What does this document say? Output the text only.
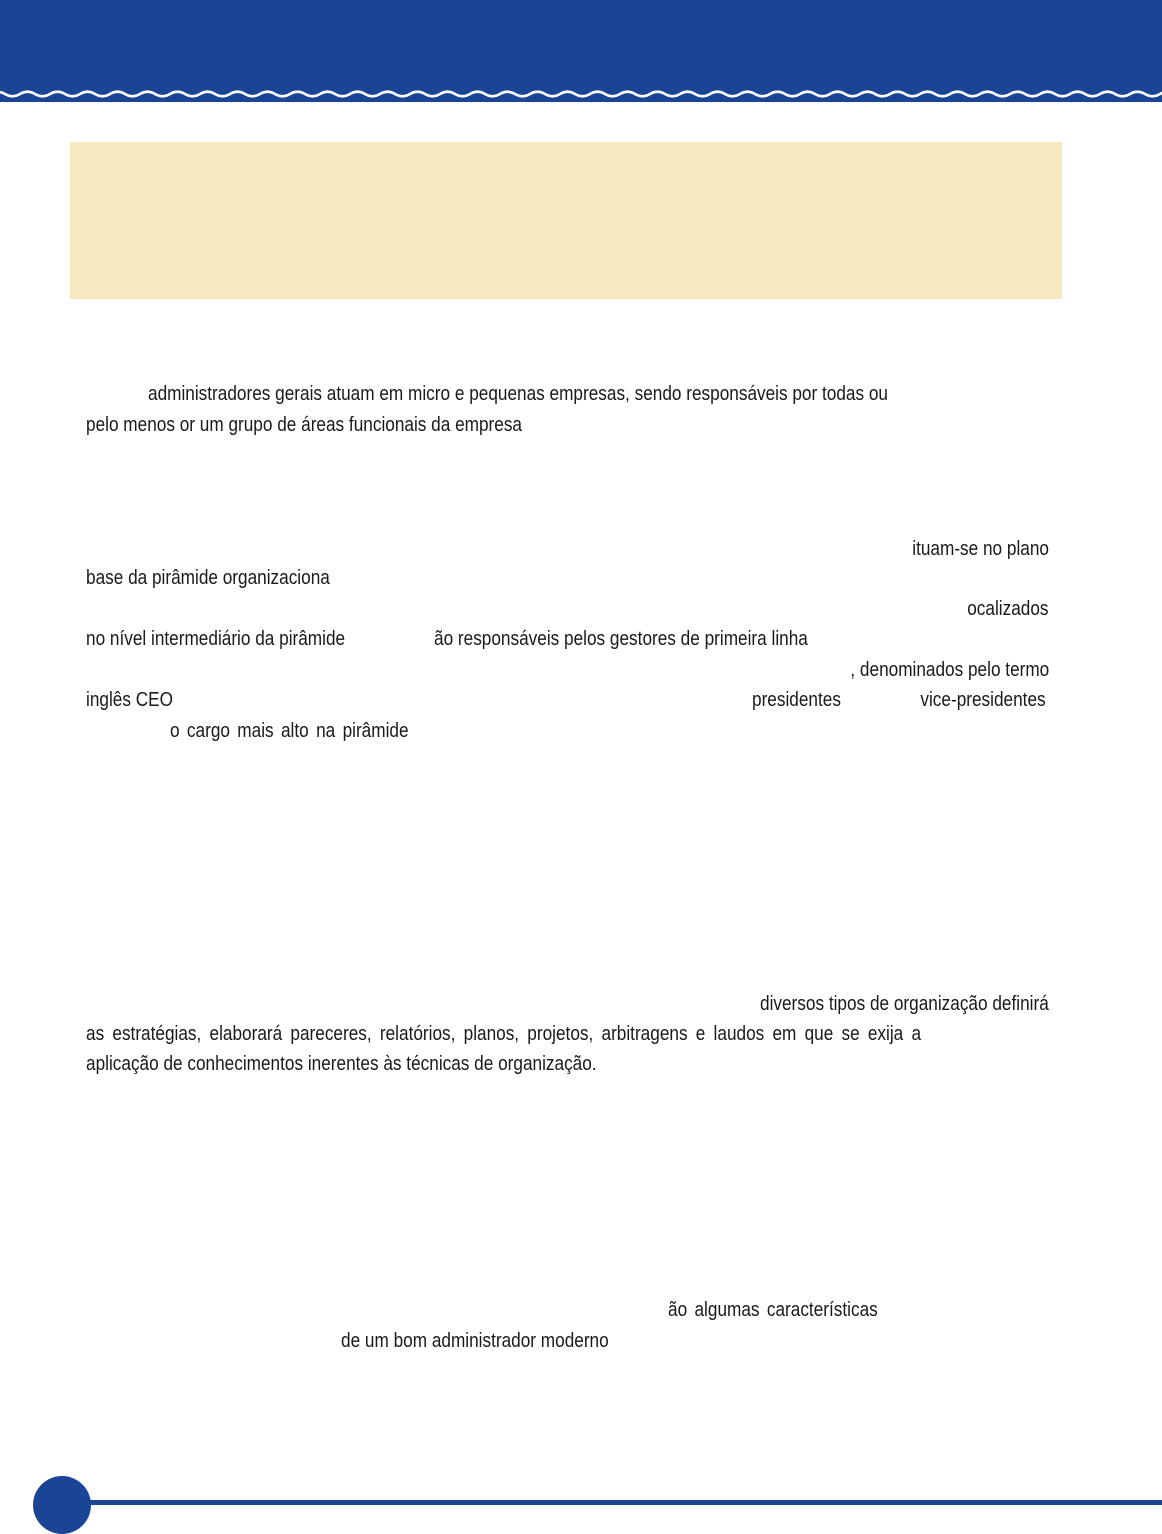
administradores gerais atuam em micro e pequenas empresas, sendo responsáveis por todas ou
pelo menos or um grupo de áreas funcionais da empresa
ituam-se no plano
base da pirâmide organizaciona
ocalizados
no nível intermediário da pirâmide	ão responsáveis pelos gestores de primeira linha
, denominados pelo termo
inglês CEO	presidentes	vice-presidentes
o cargo mais alto na pirâmide
diversos tipos de organização definirá
as estratégias, elaborará pareceres, relatórios, planos, projetos, arbitragens e laudos em que se exija a
aplicação de conhecimentos inerentes às técnicas de organização.
ão algumas características
de um bom administrador moderno
